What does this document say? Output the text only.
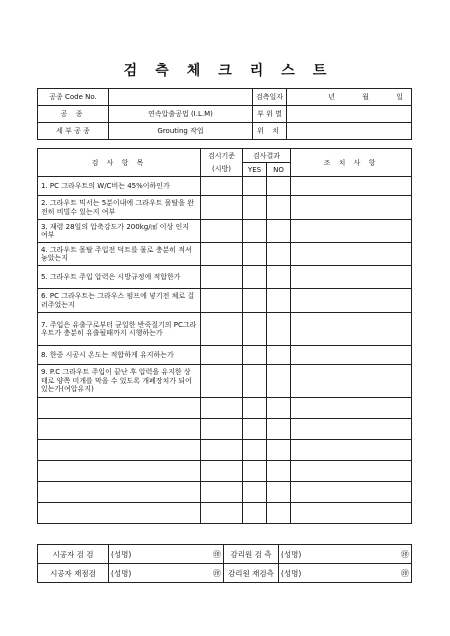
검 측 체 크 리 스 트
공종 Code No.		검측일자	년 월 일
공 종	연속압출공법 (I.L.M)	부 위 별	
세 부 공 종	Grouting 작업	위 치	
검 사 항 목	검시기준	검사결과		조 치 사 항
	(시방)	YES	NO	
1. PC 그라우트의 W/C비는 45%이하인가				
2. 그라우트 믹서는 5분이내에 그라우트 몰탈을 완전히 비빌수 있는지 여부				
3. 재령 28일의 압축강도가 200kg/㎠ 이상 인지 여부				
4. 그라우트 몰탈 주입전 덕트를 물로 충분히 적셔 놓았는지				
5. 그라우트 주입 압력은 시방규정에 적합한가				
6. PC 그라우트는 그라우스 펌프에 넣기전 체로 걸러주었는지				
7. 주입은 유출구로부터 균일한 반죽질기의 PC그라우트가 충분히 유출될때까지 시행하는가				
8. 한중 시공시 온도는 적합하게 유지하는가				
9. P.C 그라우트 주입이 끝난 후 압력을 유지한 상태로 양쪽 미개를 막을 수 있도록 개폐장치가 되어 있는가(여압유지)				

시공자 검 검	(성명) ㊞	감리원 검 측	(성명) ㊞

시공자 재점검	(성명) ㊞	감리원 재검측	(성명) ㊞
